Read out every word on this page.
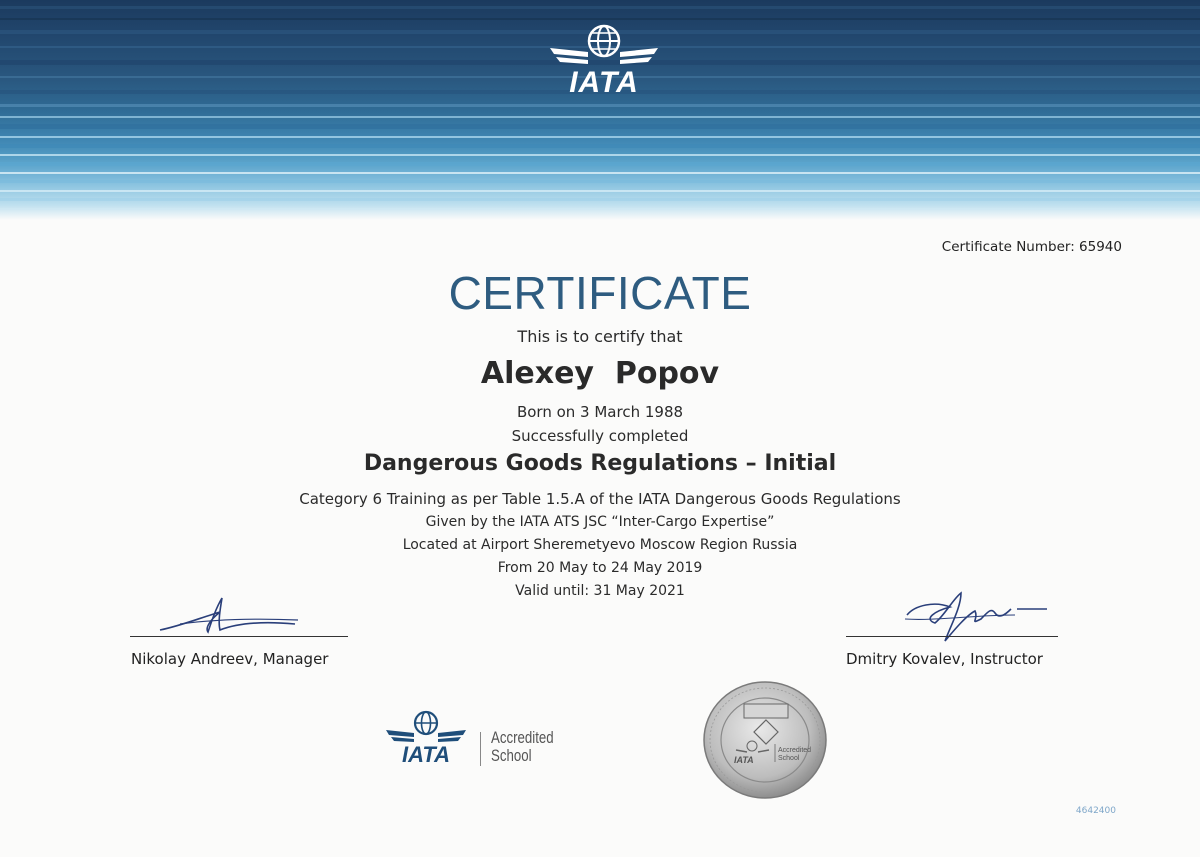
IATA
Certificate Number: 65940
CERTIFICATE
This is to certify that
Alexey  Popov
Born on 3 March 1988
Successfully completed
Dangerous Goods Regulations – Initial
Category 6 Training as per Table 1.5.A of the IATA Dangerous Goods Regulations
Given by the IATA ATS JSC “Inter-Cargo Expertise”
Located at Airport Sheremetyevo Moscow Region Russia
From 20 May to 24 May 2019
Valid until: 31 May 2021
Nikolay Andreev, Manager	Dmitry Kovalev, Instructor
IATA
Accredited
School	IATA
Accredited
School
4642400
